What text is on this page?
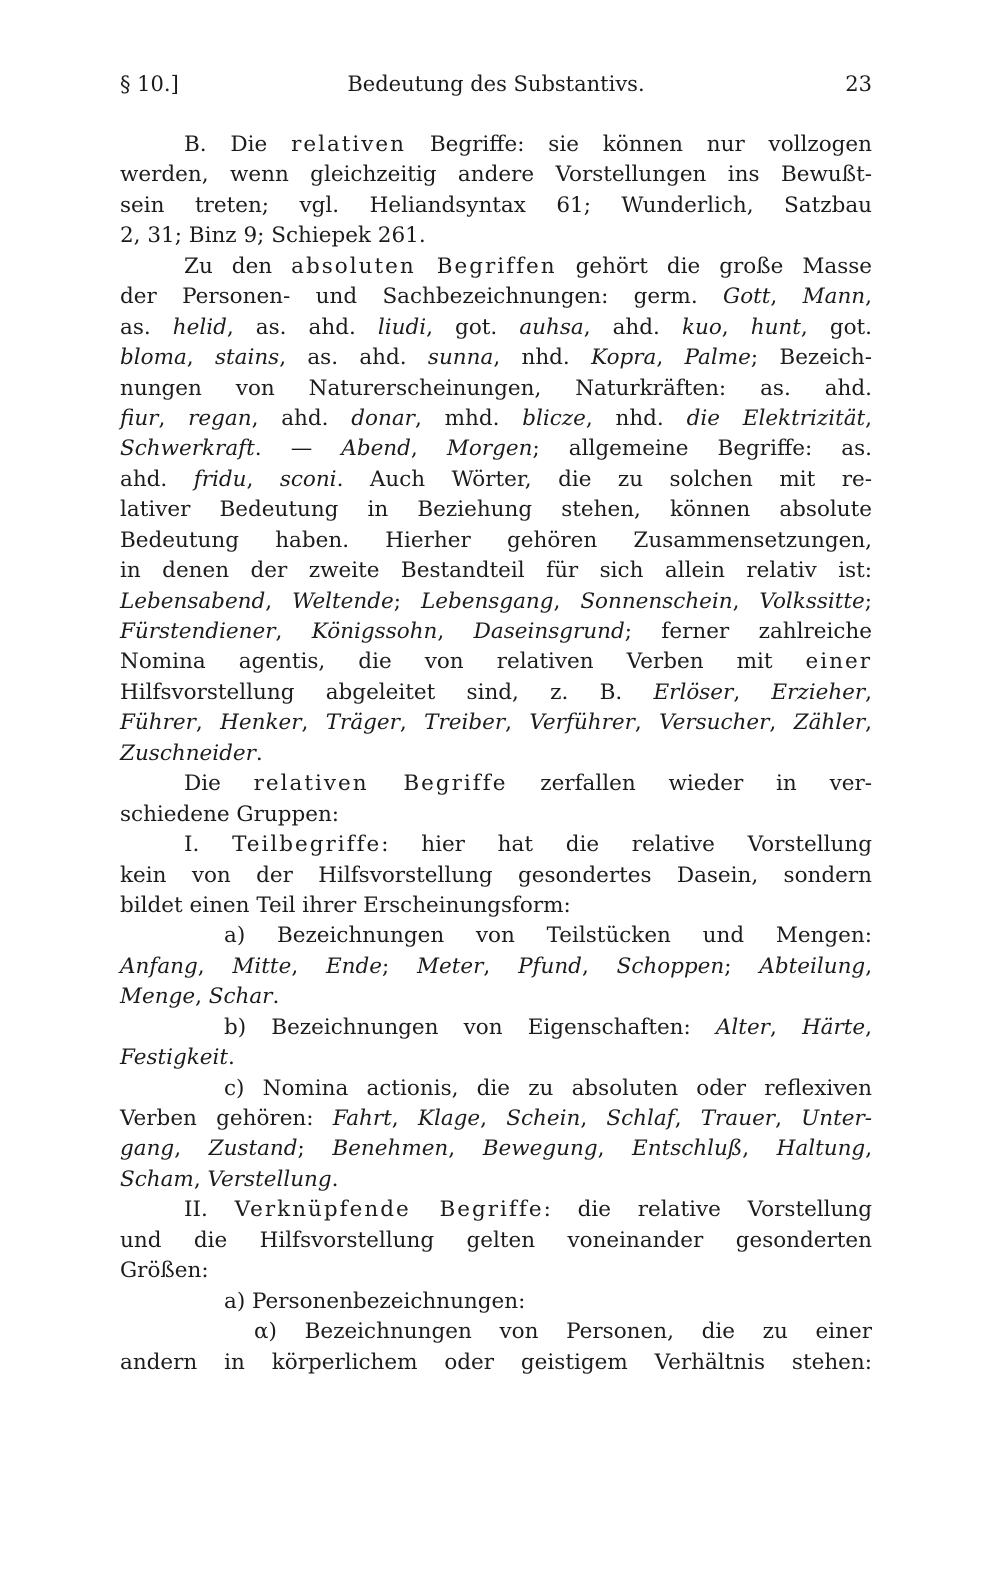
§ 10.]	Bedeutung des Substantivs.	23
B. Die relativen Begriffe: sie können nur vollzogen
werden, wenn gleichzeitig andere Vorstellungen ins Bewußt-
sein treten; vgl. Heliandsyntax 61; Wunderlich, Satzbau
2, 31; Binz 9; Schiepek 261.
Zu den absoluten Begriffen gehört die große Masse
der Personen- und Sachbezeichnungen: germ. Gott, Mann,
as. helid, as. ahd. liudi, got. auhsa, ahd. kuo, hunt, got.
bloma, stains, as. ahd. sunna, nhd. Kopra, Palme; Bezeich-
nungen von Naturerscheinungen, Naturkräften: as. ahd.
fiur, regan, ahd. donar, mhd. blicze, nhd. die Elektrizität,
Schwerkraft. — Abend, Morgen; allgemeine Begriffe: as.
ahd. fridu, sconi. Auch Wörter, die zu solchen mit re-
lativer Bedeutung in Beziehung stehen, können absolute
Bedeutung haben. Hierher gehören Zusammensetzungen,
in denen der zweite Bestandteil für sich allein relativ ist:
Lebensabend, Weltende; Lebensgang, Sonnenschein, Volkssitte;
Fürstendiener, Königssohn, Daseinsgrund; ferner zahlreiche
Nomina agentis, die von relativen Verben mit einer
Hilfsvorstellung abgeleitet sind, z. B. Erlöser, Erzieher,
Führer, Henker, Träger, Treiber, Verführer, Versucher, Zähler,
Zuschneider.
Die relativen Begriffe zerfallen wieder in ver-
schiedene Gruppen:
I. Teilbegriffe: hier hat die relative Vorstellung
kein von der Hilfsvorstellung gesondertes Dasein, sondern
bildet einen Teil ihrer Erscheinungsform:
a) Bezeichnungen von Teilstücken und Mengen:
Anfang, Mitte, Ende; Meter, Pfund, Schoppen; Abteilung,
Menge, Schar.
b) Bezeichnungen von Eigenschaften: Alter, Härte,
Festigkeit.
c) Nomina actionis, die zu absoluten oder reflexiven
Verben gehören: Fahrt, Klage, Schein, Schlaf, Trauer, Unter-
gang, Zustand; Benehmen, Bewegung, Entschluß, Haltung,
Scham, Verstellung.
II. Verknüpfende Begriffe: die relative Vorstellung
und die Hilfsvorstellung gelten voneinander gesonderten
Größen:
a) Personenbezeichnungen:
α) Bezeichnungen von Personen, die zu einer
andern in körperlichem oder geistigem Verhältnis stehen:
